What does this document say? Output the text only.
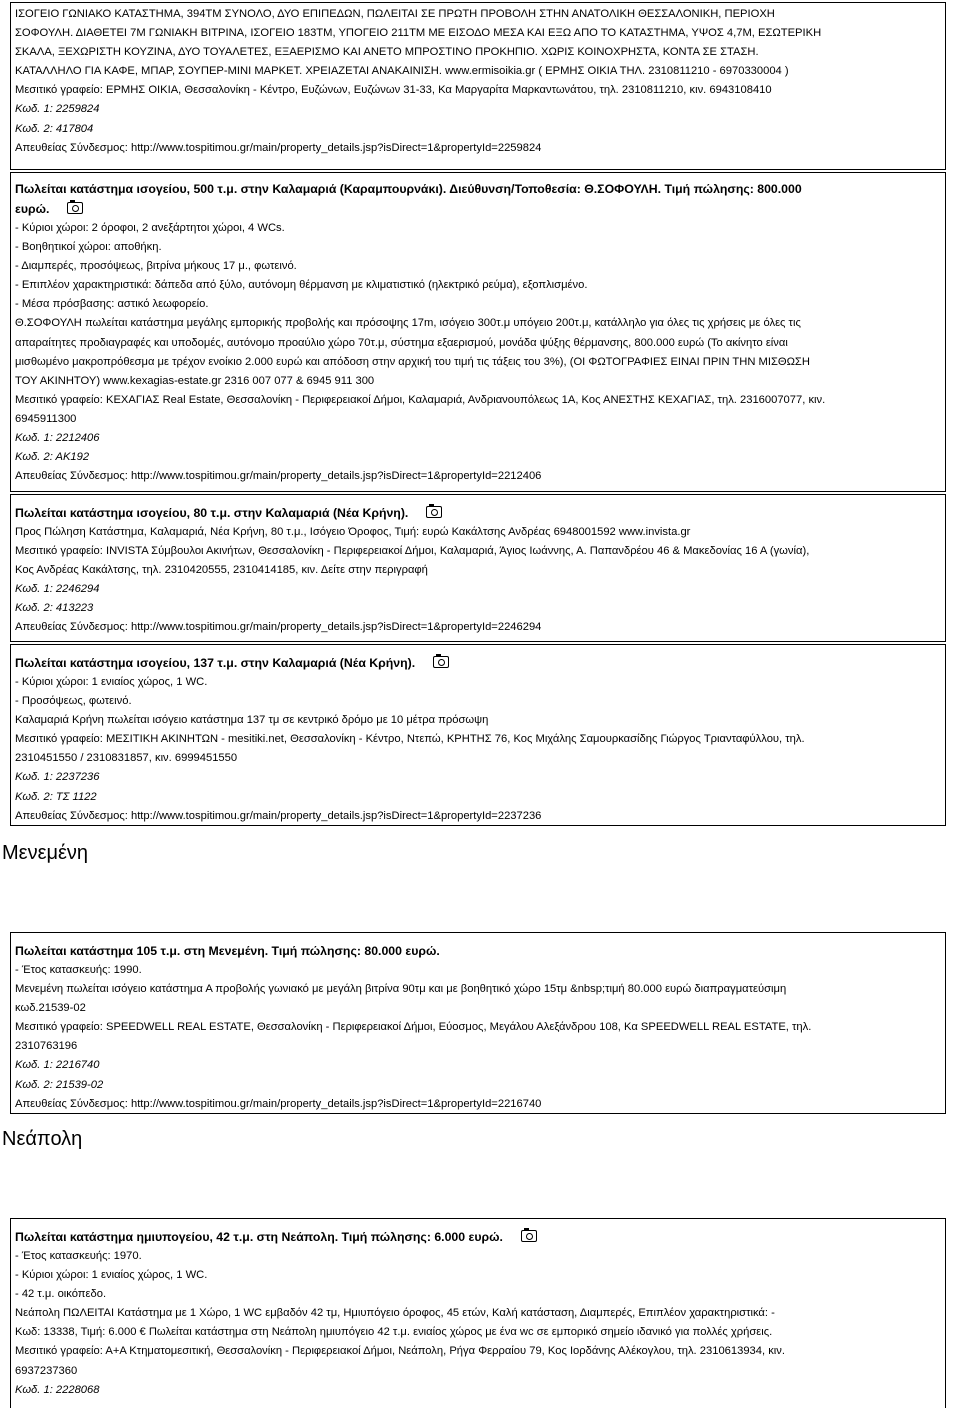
ΙΣΟΓΕΙΟ ΓΩΝΙΑΚΟ ΚΑΤΑΣΤΗΜΑ, 394ΤΜ ΣΥΝΟΛΟ, ΔΥΟ ΕΠΙΠΕΔΩΝ, ΠΩΛΕΙΤΑΙ ΣΕ ΠΡΩΤΗ ΠΡΟΒΟΛΗ ΣΤΗΝ ΑΝΑΤΟΛΙΚΗ ΘΕΣΣΑΛΟΝΙΚΗ, ΠΕΡΙΟΧΗ

ΣΟΦΟΥΛΗ. ΔΙΑΘΕΤΕΙ 7Μ ΓΩΝΙΑΚΗ ΒΙΤΡΙΝΑ, ΙΣΟΓΕΙΟ 183ΤΜ, ΥΠΟΓΕΙΟ 211ΤΜ ΜΕ ΕΙΣΟΔΟ ΜΕΣΑ ΚΑΙ ΕΞΩ ΑΠΟ ΤΟ ΚΑΤΑΣΤΗΜΑ, ΥΨΟΣ 4,7Μ, ΕΣΩΤΕΡΙΚΗ

ΣΚΑΛΑ, ΞΕΧΩΡΙΣΤΗ ΚΟΥΖΙΝΑ, ΔΥΟ ΤΟΥΑΛΕΤΕΣ, ΕΞΑΕΡΙΣΜΟ ΚΑΙ ΑΝΕΤΟ ΜΠΡΟΣΤΙΝΟ ΠΡΟΚΗΠΙΟ. ΧΩΡΙΣ ΚΟΙΝΟΧΡΗΣΤΑ, ΚΟΝΤΑ ΣΕ ΣΤΑΣΗ.

ΚΑΤΑΛΛΗΛΟ ΓΙΑ ΚΑΦΕ, ΜΠΑΡ, ΣΟΥΠΕΡ-ΜΙΝΙ ΜΑΡΚΕΤ. ΧΡΕΙΑΖΕΤΑΙ ΑΝΑΚΑΙΝΙΣΗ. www.ermisoikia.gr ( ΕΡΜΗΣ ΟΙΚΙΑ ΤΗΛ. 2310811210 - 6970330004 )

Μεσιτικό γραφείο: ΕΡΜΗΣ ΟΙΚΙΑ, Θεσσαλονίκη - Κέντρο, Ευζώνων, Ευζώνων 31-33, Κα Μαργαρίτα Μαρκαντωνάτου, τηλ. 2310811210, κιν. 6943108410

Κωδ. 1: 2259824

Κωδ. 2: 417804

Απευθείας Σύνδεσμος: http://www.tospitimou.gr/main/property_details.jsp?isDirect=1&propertyId=2259824

Πωλείται κατάστημα ισογείου, 500 τ.μ. στην Καλαμαριά (Καραμπουρνάκι). Διεύθυνση/Τοποθεσία: Θ.ΣΟΦΟΥΛΗ. Τιμή πώλησης: 800.000

ευρώ.

- Κύριοι χώροι: 2 όροφοι, 2 ανεξάρτητοι χώροι, 4 WCs.

- Βοηθητικοί χώροι: αποθήκη.

- Διαμπερές, προσόψεως, βιτρίνα μήκους 17 μ., φωτεινό.

- Επιπλέον χαρακτηριστικά: δάπεδα από ξύλο, αυτόνομη θέρμανση με κλιματιστικό (ηλεκτρικό ρεύμα), εξοπλισμένο.

- Μέσα πρόσβασης: αστικό λεωφορείο.

Θ.ΣΟΦΟΥΛΗ πωλείται κατάστημα μεγάλης εμπορικής προβολής και πρόσοψης 17m, ισόγειο 300τ.μ υπόγειο 200τ.μ, κατάλληλο για όλες τις χρήσεις με όλες τις

απαραίτητες προδιαγραφές και υποδομές, αυτόνομο προαύλιο χώρο 70τ.μ, σύστημα εξαερισμού, μονάδα ψύξης θέρμανσης, 800.000 ευρώ (Το ακίνητο είναι

μισθωμένο μακροπρόθεσμα με τρέχον ενοίκιο 2.000 ευρώ και απόδοση στην αρχική του τιμή τις τάξεις του 3%), (ΟΙ ΦΩΤΟΓΡΑΦΙΕΣ ΕΙΝΑΙ ΠΡΙΝ ΤΗΝ ΜΙΣΘΩΣΗ

ΤΟΥ ΑΚΙΝΗΤΟΥ) www.kexagias-estate.gr 2316 007 077 & 6945 911 300

Μεσιτικό γραφείο: ΚΕΧΑΓΙΑΣ Real Estate, Θεσσαλονίκη - Περιφερειακοί Δήμοι, Καλαμαριά, Ανδριανουπόλεως 1Α, Κος ΑΝΕΣΤΗΣ ΚΕΧΑΓΙΑΣ, τηλ. 2316007077, κιν.

6945911300

Κωδ. 1: 2212406

Κωδ. 2: ΑΚ192

Απευθείας Σύνδεσμος: http://www.tospitimou.gr/main/property_details.jsp?isDirect=1&propertyId=2212406

Πωλείται κατάστημα ισογείου, 80 τ.μ. στην Καλαμαριά (Νέα Κρήνη).

Προς Πώληση Κατάστημα, Καλαμαριά, Νέα Κρήνη, 80 τ.μ., Ισόγειο Όροφος, Τιμή: ευρώ Κακάλτσης Ανδρέας 6948001592 www.invista.gr

Μεσιτικό γραφείο: INVISTA Σύμβουλοι Ακινήτων, Θεσσαλονίκη - Περιφερειακοί Δήμοι, Καλαμαριά, Άγιος Ιωάννης, Α. Παπανδρέου 46 & Μακεδονίας 16 Α (γωνία),

Κος Ανδρέας Κακάλτσης, τηλ. 2310420555, 2310414185, κιν. Δείτε στην περιγραφή

Κωδ. 1: 2246294

Κωδ. 2: 413223

Απευθείας Σύνδεσμος: http://www.tospitimou.gr/main/property_details.jsp?isDirect=1&propertyId=2246294

Πωλείται κατάστημα ισογείου, 137 τ.μ. στην Καλαμαριά (Νέα Κρήνη).

- Κύριοι χώροι: 1 ενιαίος χώρος, 1 WC.

- Προσόψεως, φωτεινό.

Καλαμαριά Κρήνη πωλείται ισόγειο κατάστημα 137 τμ σε κεντρικό δρόμο με 10 μέτρα πρόσωψη

Μεσιτικό γραφείο: ΜΕΣΙΤΙΚΗ ΑΚΙΝΗΤΩΝ - mesitiki.net, Θεσσαλονίκη - Κέντρο, Ντεπώ, ΚΡΗΤΗΣ 76, Κος Μιχάλης Σαμουρκασίδης Γιώργος Τριανταφύλλου, τηλ.

2310451550 / 2310831857, κιν. 6999451550

Κωδ. 1: 2237236

Κωδ. 2: ΤΣ 1122

Απευθείας Σύνδεσμος: http://www.tospitimou.gr/main/property_details.jsp?isDirect=1&propertyId=2237236

Μενεμένη

Πωλείται κατάστημα 105 τ.μ. στη Μενεμένη. Τιμή πώλησης: 80.000 ευρώ.

- Έτος κατασκευής: 1990.

Μενεμένη πωλείται ισόγειο κατάστημα Α προβολής γωνιακό με μεγάλη βιτρίνα 90τμ και με βοηθητικό χώρο 15τμ &nbsp;τιμή 80.000 ευρώ διαπραγματεύσιμη

κωδ.21539-02

Μεσιτικό γραφείο: SPEEDWELL REAL ESTATE, Θεσσαλονίκη - Περιφερειακοί Δήμοι, Εύοσμος, Μεγάλου Αλεξάνδρου 108, Κα SPEEDWELL REAL ESTATE, τηλ.

2310763196

Κωδ. 1: 2216740

Κωδ. 2: 21539-02

Απευθείας Σύνδεσμος: http://www.tospitimou.gr/main/property_details.jsp?isDirect=1&propertyId=2216740

Νεάπολη

Πωλείται κατάστημα ημιυπογείου, 42 τ.μ. στη Νεάπολη. Τιμή πώλησης: 6.000 ευρώ.

- Έτος κατασκευής: 1970.

- Κύριοι χώροι: 1 ενιαίος χώρος, 1 WC.

- 42 τ.μ. οικόπεδο.

Νεάπολη ΠΩΛΕΙΤΑΙ Κατάστημα με 1 Χώρο, 1 WC εμβαδόν 42 τμ, Ημιυπόγειο όροφος, 45 ετών, Καλή κατάσταση, Διαμπερές, Επιπλέον χαρακτηριστικά: -

Κωδ: 13338, Τιμή: 6.000 € Πωλείται κατάστημα στη Νεάπολη ημιυπόγειο 42 τ.μ. ενιαίος χώρος με ένα wc σε εμπορικό σημείο ιδανικό για πολλές χρήσεις.

Μεσιτικό γραφείο: Α+Α Κτηματομεσιτική, Θεσσαλονίκη - Περιφερειακοί Δήμοι, Νεάπολη, Ρήγα Φερραίου 79, Κος Ιορδάνης Αλέκογλου, τηλ. 2310613934, κιν.

6937237360

Κωδ. 1: 2228068
